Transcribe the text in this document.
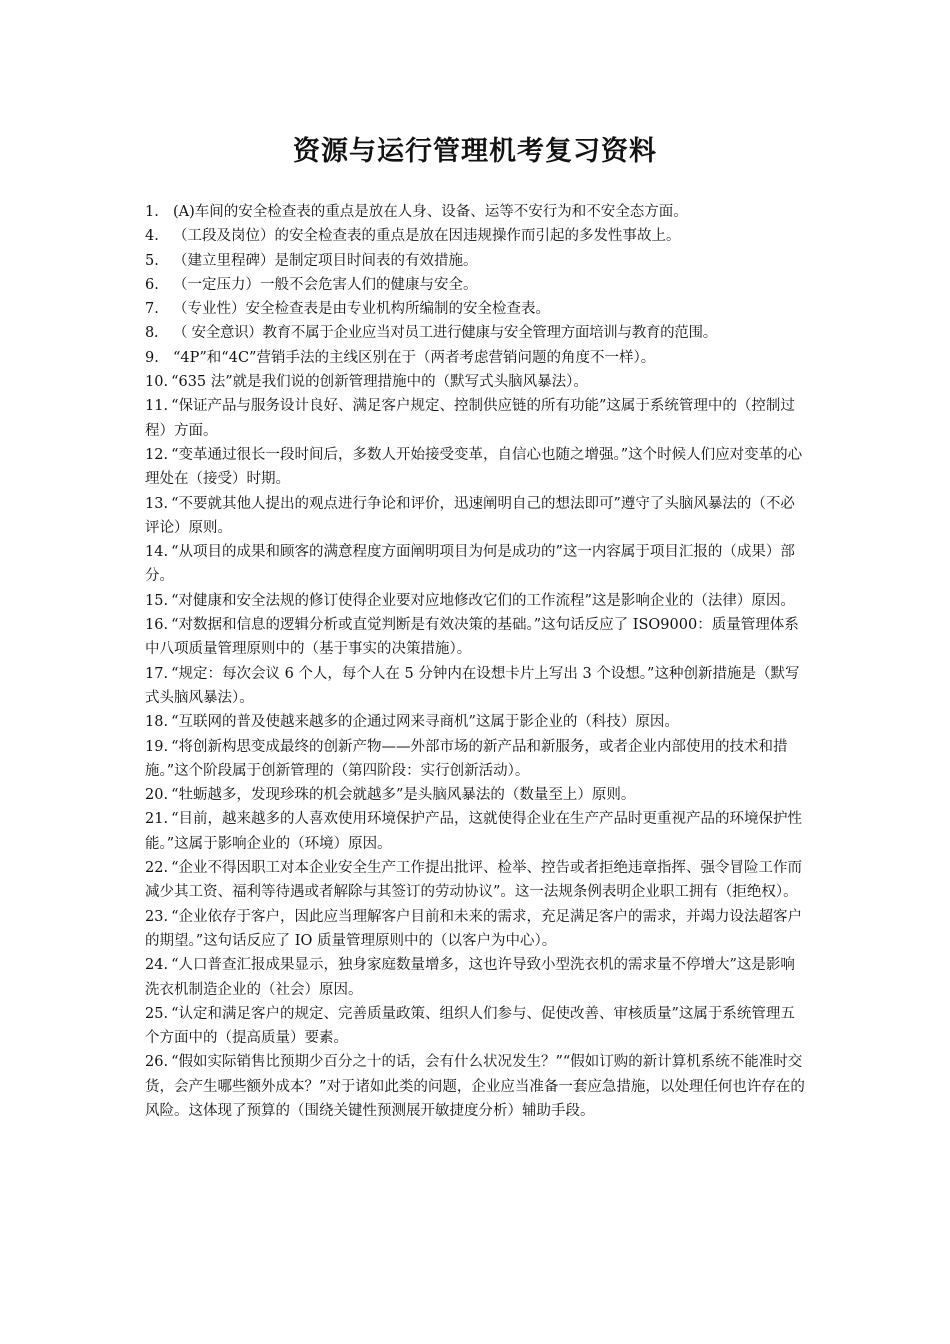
资源与运行管理机考复习资料
1. (A)车间的安全检查表的重点是放在人身、设备、运等不安行为和不安全态方面。
4. （工段及岗位）的安全检查表的重点是放在因违规操作而引起的多发性事故上。
5. （建立里程碑）是制定项目时间表的有效措施。
6. （一定压力）一般不会危害人们的健康与安全。
7. （专业性）安全检查表是由专业机构所编制的安全检查表。
8. （ 安全意识）教育不属于企业应当对员工进行健康与安全管理方面培训与教育的范围。
9. “4P”和“4C”营销手法的主线区别在于（两者考虑营销问题的角度不一样）。
10. “635 法”就是我们说的创新管理措施中的（默写式头脑风暴法）。
11. “保证产品与服务设计良好、满足客户规定、控制供应链的所有功能”这属于系统管理中的（控制过程）方面。
12. “变革通过很长一段时间后，多数人开始接受变革，自信心也随之增强。”这个时候人们应对变革的心理处在（接受）时期。
13. “不要就其他人提出的观点进行争论和评价，迅速阐明自己的想法即可”遵守了头脑风暴法的（不必评论）原则。
14. “从项目的成果和顾客的满意程度方面阐明项目为何是成功的”这一内容属于项目汇报的（成果）部分。
15. “对健康和安全法规的修订使得企业要对应地修改它们的工作流程”这是影响企业的（法律）原因。
16. “对数据和信息的逻辑分析或直觉判断是有效决策的基础。”这句话反应了 ISO9000：质量管理体系中八项质量管理原则中的（基于事实的决策措施）。
17. “规定：每次会议 6 个人，每个人在 5 分钟内在设想卡片上写出 3 个设想。”这种创新措施是（默写式头脑风暴法）。
18. “互联网的普及使越来越多的企通过网来寻商机”这属于影企业的（科技）原因。
19. “将创新构思变成最终的创新产物——外部市场的新产品和新服务，或者企业内部使用的技术和措施。”这个阶段属于创新管理的（第四阶段：实行创新活动）。
20. “牡蛎越多，发现珍珠的机会就越多”是头脑风暴法的（数量至上）原则。
21. “目前，越来越多的人喜欢使用环境保护产品，这就使得企业在生产产品时更重视产品的环境保护性能。”这属于影响企业的（环境）原因。
22. “企业不得因职工对本企业安全生产工作提出批评、检举、控告或者拒绝违章指挥、强令冒险工作而减少其工资、福利等待遇或者解除与其签订的劳动协议”。这一法规条例表明企业职工拥有（拒绝权）。
23. “企业依存于客户，因此应当理解客户目前和未来的需求，充足满足客户的需求，并竭力设法超客户的期望。”这句话反应了 IO 质量管理原则中的（以客户为中心）。
24. “人口普查汇报成果显示，独身家庭数量增多，这也许导致小型洗衣机的需求量不停增大”这是影响洗衣机制造企业的（社会）原因。
25. “认定和满足客户的规定、完善质量政策、组织人们参与、促使改善、审核质量”这属于系统管理五个方面中的（提高质量）要素。
26. “假如实际销售比预期少百分之十的话，会有什么状况发生？”“假如订购的新计算机系统不能准时交货，会产生哪些额外成本？”对于诸如此类的问题，企业应当准备一套应急措施，以处理任何也许存在的风险。这体现了预算的（围绕关键性预测展开敏捷度分析）辅助手段。
